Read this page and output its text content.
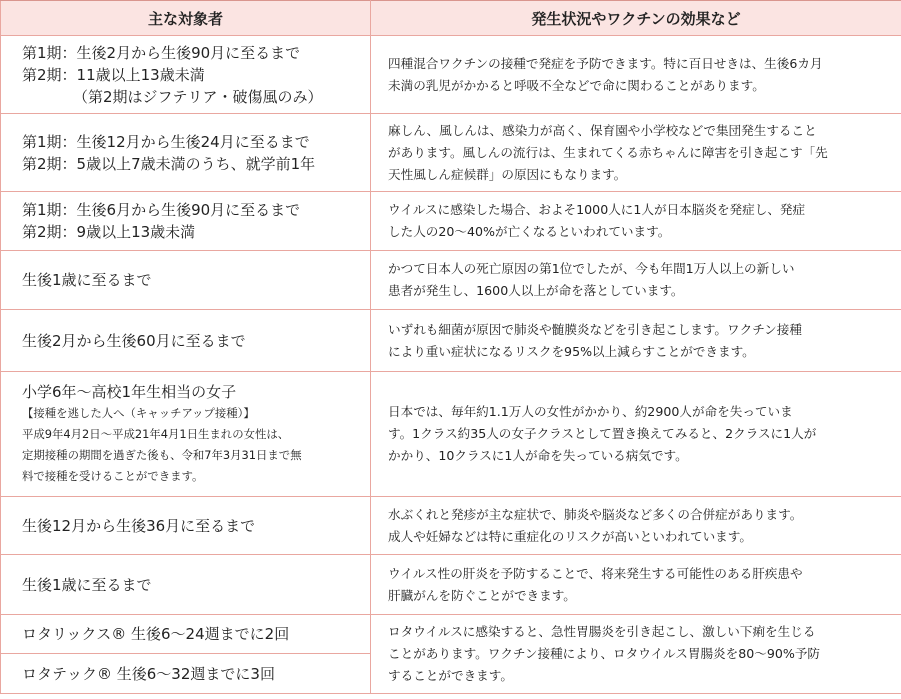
主な対象者	発生状況やワクチンの効果など

第1期：生後2月から生後90月に至るまで
第2期：11歳以上13歳未満
（第2期はジフテリア・破傷風のみ）	四種混合ワクチンの接種で発症を予防できます。特に百日せきは、生後6カ月
未満の乳児がかかると呼吸不全などで命に関わることがあります。

第1期：生後12月から生後24月に至るまで
第2期：5歳以上7歳未満のうち、就学前1年	麻しん、風しんは、感染力が高く、保育園や小学校などで集団発生すること
があります。風しんの流行は、生まれてくる赤ちゃんに障害を引き起こす「先
天性風しん症候群」の原因にもなります。

第1期：生後6月から生後90月に至るまで
第2期：9歳以上13歳未満	ウイルスに感染した場合、およそ1000人に1人が日本脳炎を発症し、発症
した人の20～40%が亡くなるといわれています。

生後1歳に至るまで	かつて日本人の死亡原因の第1位でしたが、今も年間1万人以上の新しい
患者が発生し、1600人以上が命を落としています。

生後2月から生後60月に至るまで	いずれも細菌が原因で肺炎や髄膜炎などを引き起こします。ワクチン接種
により重い症状になるリスクを95%以上減らすことができます。

小学6年～高校1年生相当の女子
【接種を逃した人へ（キャッチアップ接種）】
平成9年4月2日～平成21年4月1日生まれの女性は、
定期接種の期間を過ぎた後も、令和7年3月31日まで無
料で接種を受けることができます。	日本では、毎年約1.1万人の女性がかかり、約2900人が命を失っていま
す。1クラス約35人の女子クラスとして置き換えてみると、2クラスに1人が
かかり、10クラスに1人が命を失っている病気です。

生後12月から生後36月に至るまで	水ぶくれと発疹が主な症状で、肺炎や脳炎など多くの合併症があります。
成人や妊婦などは特に重症化のリスクが高いといわれています。

生後1歳に至るまで	ウイルス性の肝炎を予防することで、将来発生する可能性のある肝疾患や
肝臓がんを防ぐことができます。

ロタリックス® 生後6～24週までに2回	ロタウイルスに感染すると、急性胃腸炎を引き起こし、激しい下痢を生じる
ことがあります。ワクチン接種により、ロタウイルス胃腸炎を80～90%予防
することができます。

ロタテック® 生後6～32週までに3回	
